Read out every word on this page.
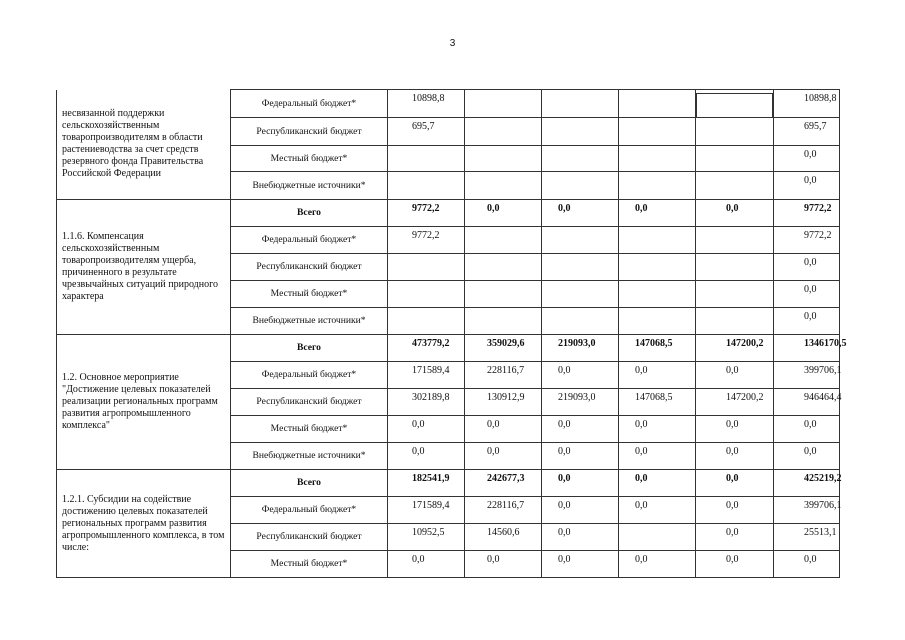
3
несвязанной поддержки сельскохозяйственным товаропроизводителям в области растениеводства за счет средств резервного фонда Правительства Российской Федерации	Федеральный бюджет*	10898,8					10898,8
	Республиканский бюджет	695,7					695,7
	Местный бюджет*						0,0
	Внебюджетные источники*						0,0
1.1.6. Компенсация сельскохозяйственным товаропроизводителям ущерба, причиненного в результате чрезвычайных ситуаций природного характера	Всего	9772,2	0,0	0,0	0,0	0,0	9772,2
	Федеральный бюджет*	9772,2					9772,2
	Республиканский бюджет						0,0
	Местный бюджет*						0,0
	Внебюджетные источники*						0,0
1.2. Основное мероприятие "Достижение целевых показателей реализации региональных программ развития агропромышленного комплекса"	Всего	473779,2	359029,6	219093,0	147068,5	147200,2	1346170,5
	Федеральный бюджет*	171589,4	228116,7	0,0	0,0	0,0	399706,1
	Республиканский бюджет	302189,8	130912,9	219093,0	147068,5	147200,2	946464,4
	Местный бюджет*	0,0	0,0	0,0	0,0	0,0	0,0
	Внебюджетные источники*	0,0	0,0	0,0	0,0	0,0	0,0
1.2.1. Субсидии на содействие достижению целевых показателей региональных программ развития агропромышленного комплекса, в том числе:	Всего	182541,9	242677,3	0,0	0,0	0,0	425219,2
	Федеральный бюджет*	171589,4	228116,7	0,0	0,0	0,0	399706,1
	Республиканский бюджет	10952,5	14560,6	0,0		0,0	25513,1
	Местный бюджет*	0,0	0,0	0,0	0,0	0,0	0,0
